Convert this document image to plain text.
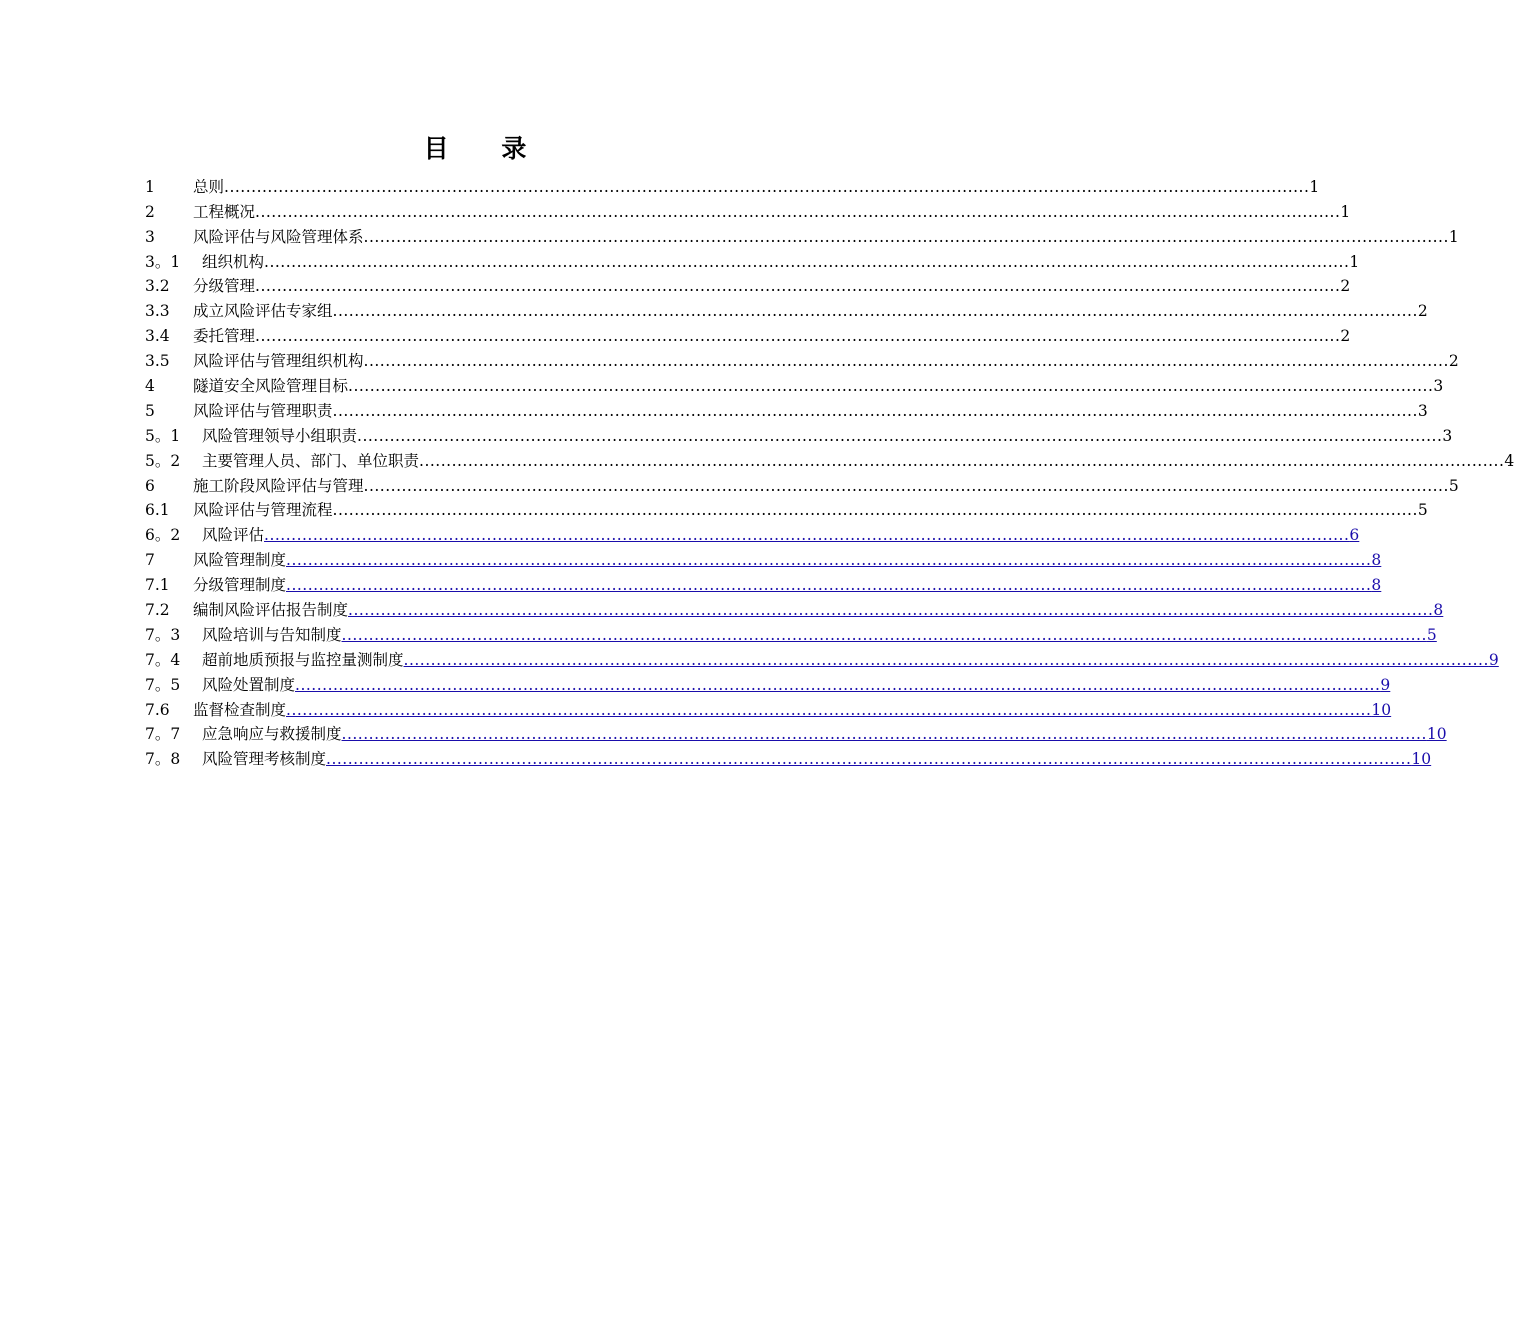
目 录
1	总则 ........................................................................................................................................................................................................ 1
2	工程概况 ........................................................................................................................................................................................................ 1
3	风险评估与风险管理体系 ........................................................................................................................................................................................................ 1
3。1	组织机构 ........................................................................................................................................................................................................ 1
3.2	分级管理 ........................................................................................................................................................................................................ 2
3.3	成立风险评估专家组 ........................................................................................................................................................................................................ 2
3.4	委托管理 ........................................................................................................................................................................................................ 2
3.5	风险评估与管理组织机构 ........................................................................................................................................................................................................ 2
4	隧道安全风险管理目标 ........................................................................................................................................................................................................ 3
5	风险评估与管理职责 ........................................................................................................................................................................................................ 3
5。1	风险管理领导小组职责 ........................................................................................................................................................................................................ 3
5。2	主要管理人员、部门、单位职责 ........................................................................................................................................................................................................ 4
6	施工阶段风险评估与管理 ........................................................................................................................................................................................................ 5
6.1	风险评估与管理流程 ........................................................................................................................................................................................................ 5
6。2	风险评估 ........................................................................................................................................................................................................ 6
7	风险管理制度 ........................................................................................................................................................................................................ 8
7.1	分级管理制度 ........................................................................................................................................................................................................ 8
7.2	编制风险评估报告制度 ........................................................................................................................................................................................................ 8
7。3	风险培训与告知制度 ........................................................................................................................................................................................................ 5
7。4	超前地质预报与监控量测制度 ........................................................................................................................................................................................................ 9
7。5	风险处置制度 ........................................................................................................................................................................................................ 9
7.6	监督检查制度 ........................................................................................................................................................................................................ 10
7。7	应急响应与救援制度 ........................................................................................................................................................................................................ 10
7。8	风险管理考核制度 ........................................................................................................................................................................................................ 10
